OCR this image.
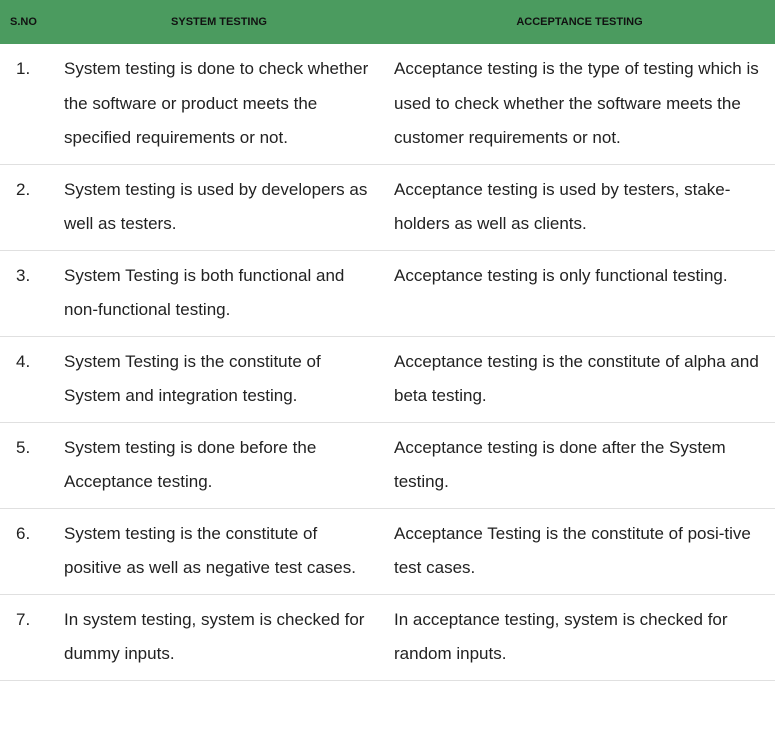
S.NO	SYSTEM TESTING	ACCEPTANCE TESTING
1.	System testing is done to check whether the software or product meets the specified requirements or not.	Acceptance testing is the type of testing which is used to check whether the software meets the customer requirements or not.
2.	System testing is used by developers as well as testers.	Acceptance testing is used by testers, stake-holders as well as clients.
3.	System Testing is both functional and non-functional testing.	Acceptance testing is only functional testing.
4.	System Testing is the constitute of System and integration testing.	Acceptance testing is the constitute of alpha and beta testing.
5.	System testing is done before the Acceptance testing.	Acceptance testing is done after the System testing.
6.	System testing is the constitute of positive as well as negative test cases.	Acceptance Testing is the constitute of posi-tive test cases.
7.	In system testing, system is checked for dummy inputs.	In acceptance testing, system is checked for random inputs.
